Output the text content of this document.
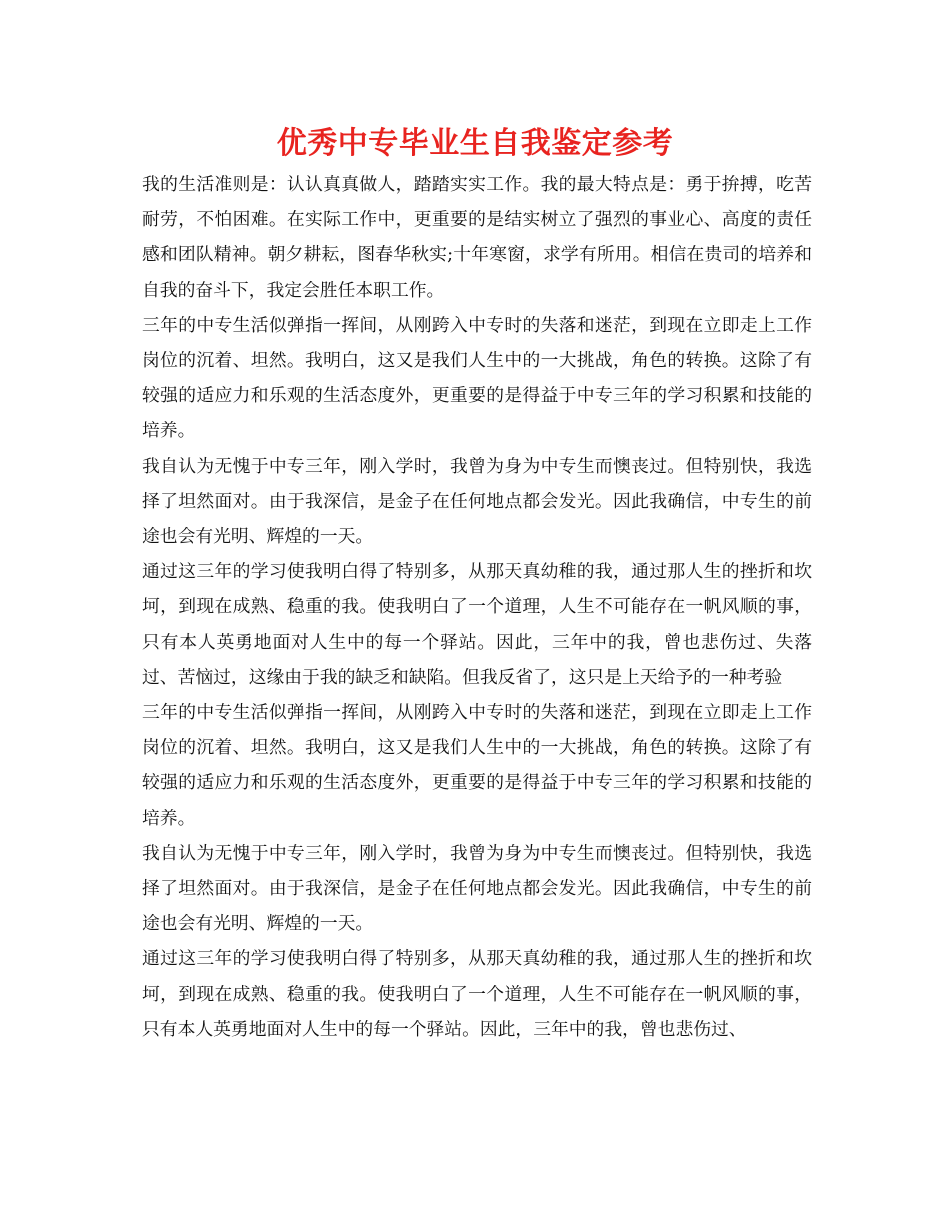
优秀中专毕业生自我鉴定参考

我的生活准则是：认认真真做人，踏踏实实工作。我的最大特点是：勇于拚搏，吃苦耐劳，不怕困难。在实际工作中，更重要的是结实树立了强烈的事业心、高度的责任感和团队精神。朝夕耕耘，图春华秋实;十年寒窗，求学有所用。相信在贵司的培养和自我的奋斗下，我定会胜任本职工作。

三年的中专生活似弹指一挥间，从刚跨入中专时的失落和迷茫，到现在立即走上工作岗位的沉着、坦然。我明白，这又是我们人生中的一大挑战，角色的转换。这除了有较强的适应力和乐观的生活态度外，更重要的是得益于中专三年的学习积累和技能的培养。

我自认为无愧于中专三年，刚入学时，我曾为身为中专生而懊丧过。但特别快，我选择了坦然面对。由于我深信，是金子在任何地点都会发光。因此我确信，中专生的前途也会有光明、辉煌的一天。

通过这三年的学习使我明白得了特别多，从那天真幼稚的我，通过那人生的挫折和坎坷，到现在成熟、稳重的我。使我明白了一个道理，人生不可能存在一帆风顺的事，只有本人英勇地面对人生中的每一个驿站。因此，三年中的我，曾也悲伤过、失落过、苦恼过，这缘由于我的缺乏和缺陷。但我反省了，这只是上天给予的一种考验

三年的中专生活似弹指一挥间，从刚跨入中专时的失落和迷茫，到现在立即走上工作岗位的沉着、坦然。我明白，这又是我们人生中的一大挑战，角色的转换。这除了有较强的适应力和乐观的生活态度外，更重要的是得益于中专三年的学习积累和技能的培养。

我自认为无愧于中专三年，刚入学时，我曾为身为中专生而懊丧过。但特别快，我选择了坦然面对。由于我深信，是金子在任何地点都会发光。因此我确信，中专生的前途也会有光明、辉煌的一天。

通过这三年的学习使我明白得了特别多，从那天真幼稚的我，通过那人生的挫折和坎坷，到现在成熟、稳重的我。使我明白了一个道理，人生不可能存在一帆风顺的事，只有本人英勇地面对人生中的每一个驿站。因此，三年中的我，曾也悲伤过、
